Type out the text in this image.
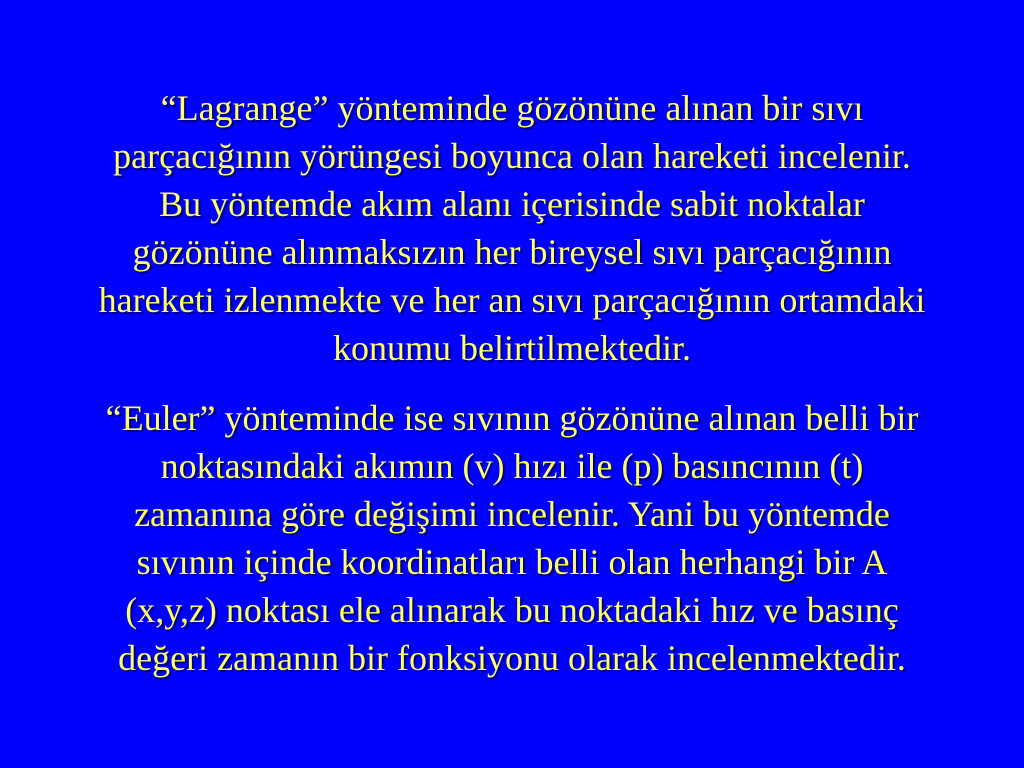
“Lagrange” yönteminde gözönüne alınan bir sıvı
parçacığının yörüngesi boyunca olan hareketi incelenir.
Bu yöntemde akım alanı içerisinde sabit noktalar
gözönüne alınmaksızın her bireysel sıvı parçacığının
hareketi izlenmekte ve her an sıvı parçacığının ortamdaki
konumu belirtilmektedir.
“Euler” yönteminde ise sıvının gözönüne alınan belli bir
noktasındaki akımın (v) hızı ile (p) basıncının (t)
zamanına göre değişimi incelenir. Yani bu yöntemde
sıvının içinde koordinatları belli olan herhangi bir A
(x,y,z) noktası ele alınarak bu noktadaki hız ve basınç
değeri zamanın bir fonksiyonu olarak incelenmektedir.
